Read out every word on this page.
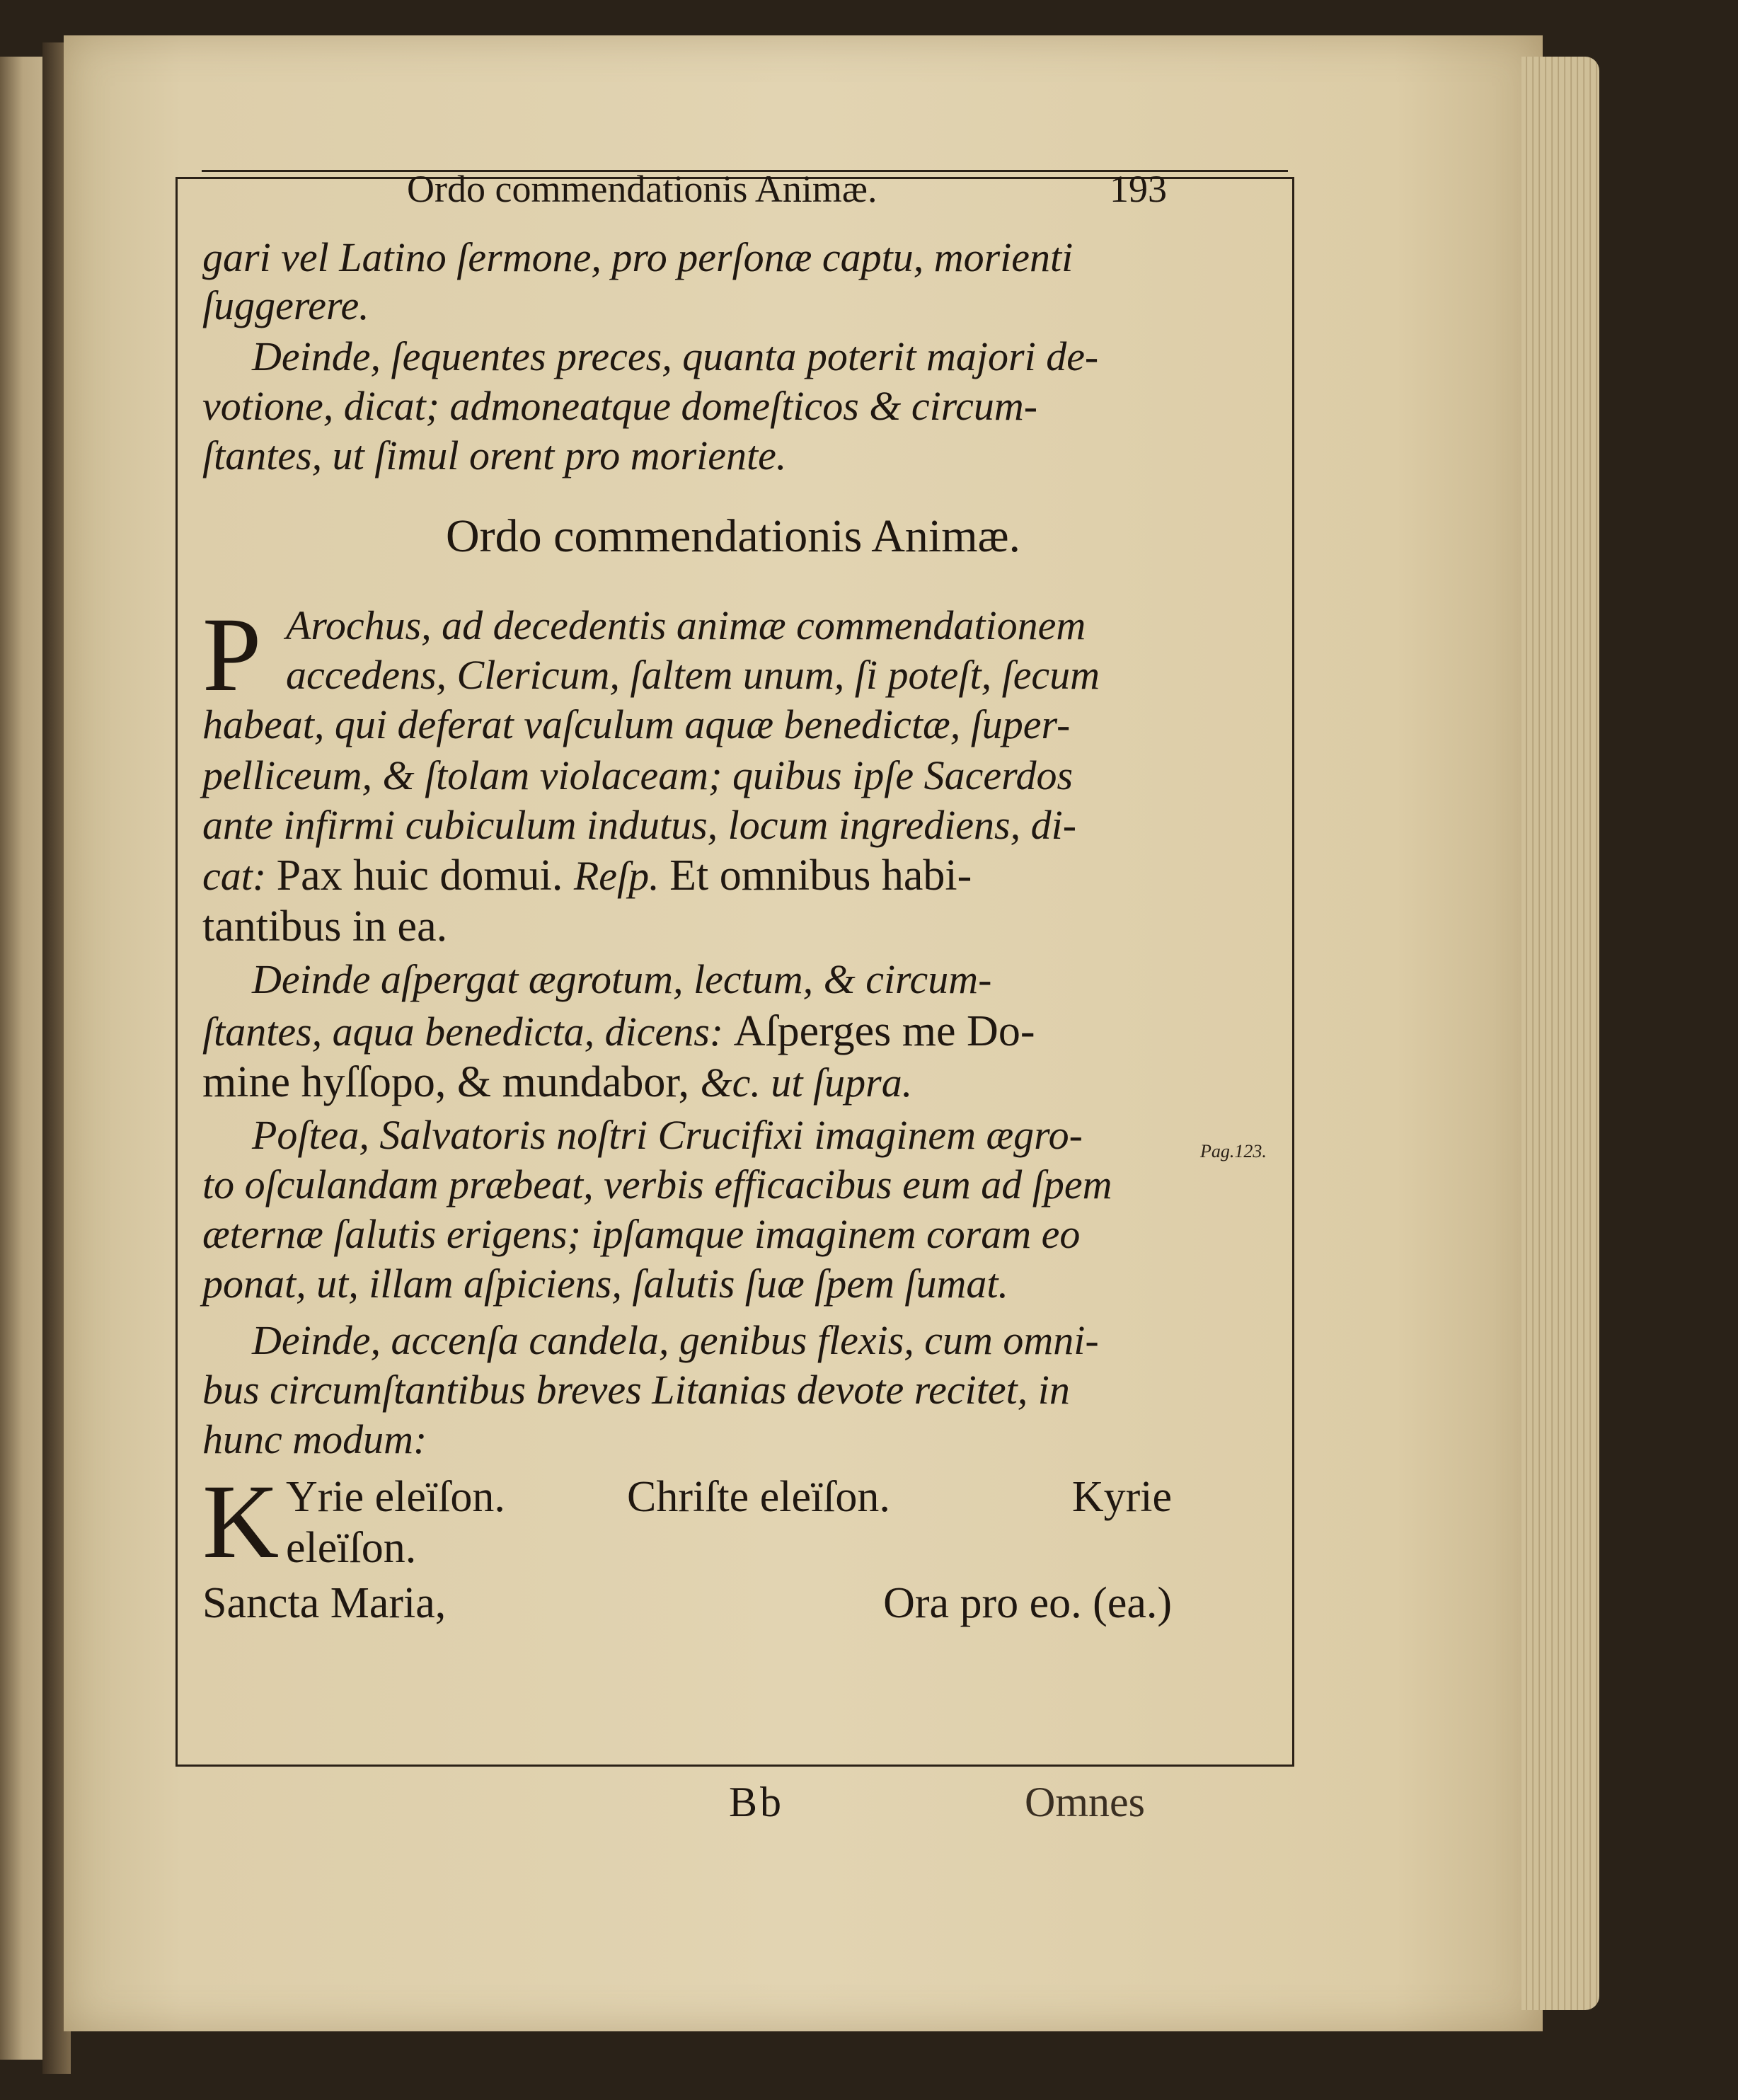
Ordo commendationis Animæ.	193
Pag.123.
gari vel Latino ſermone, pro perſonæ captu, morienti
ſuggerere.
Deinde, ſequentes preces, quanta poterit majori de-
votione, dicat; admoneatque domeſticos & circum-
ſtantes, ut ſimul orent pro moriente.
Ordo commendationis Animæ.
P Arochus, ad decedentis animæ commendationem
accedens, Clericum, ſaltem unum, ſi poteſt, ſecum
habeat, qui deferat vaſculum aquæ benedictæ, ſuper-
pelliceum, & ſtolam violaceam; quibus ipſe Sacerdos
ante infirmi cubiculum indutus, locum ingrediens, di-
cat: Pax huic domui. Reſp. Et omnibus habi-
tantibus in ea.
Deinde aſpergat ægrotum, lectum, & circum-
ſtantes, aqua benedicta, dicens: Aſperges me Do-
mine hyſſopo, & mundabor, &c. ut ſupra.
Poſtea, Salvatoris noſtri Crucifixi imaginem ægro-
to oſculandam præbeat, verbis efficacibus eum ad ſpem
æternæ ſalutis erigens; ipſamque imaginem coram eo
ponat, ut, illam aſpiciens, ſalutis ſuæ ſpem ſumat.
Deinde, accenſa candela, genibus flexis, cum omni-
bus circumſtantibus breves Litanias devote recitet, in
hunc modum:
K Yrie eleïſon.	Chriſte eleïſon.	Kyrie
eleïſon.
Sancta Maria,	Ora pro eo. (ea.)
Bb	Omnes
